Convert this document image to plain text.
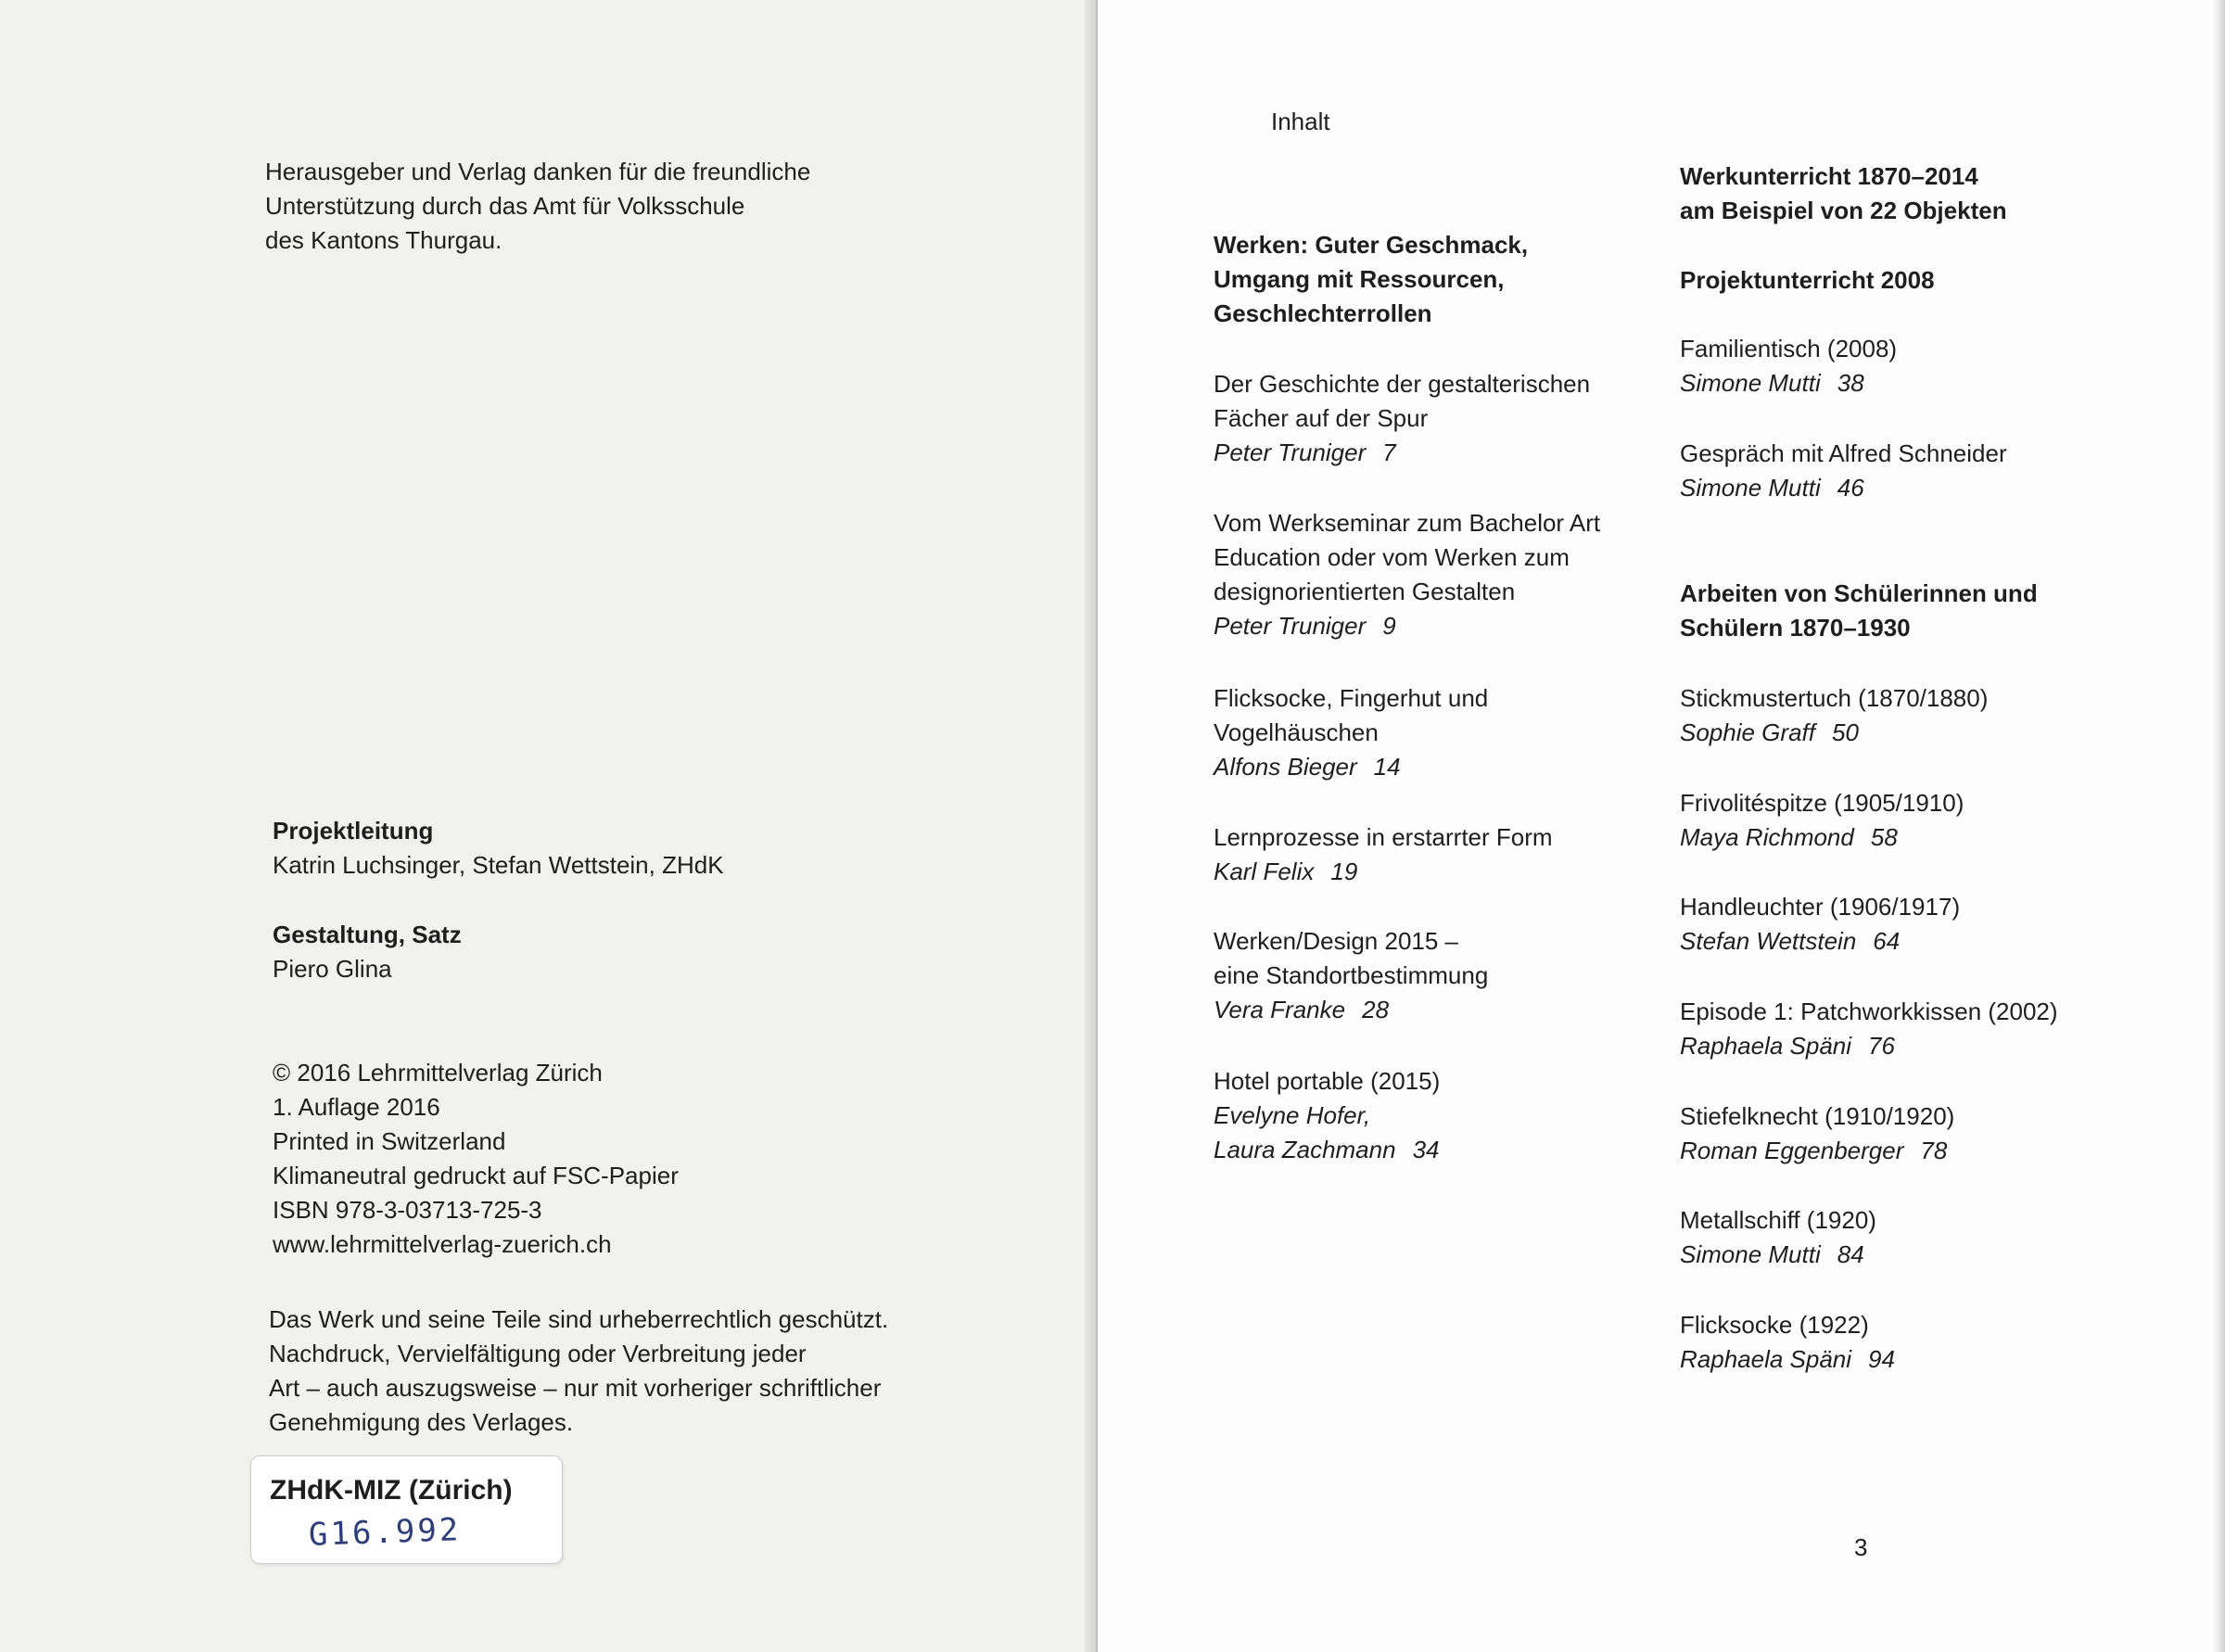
Herausgeber und Verlag danken für die freundliche
Unterstützung durch das Amt für Volksschule
des Kantons Thurgau.
Projektleitung
Katrin Luchsinger, Stefan Wettstein, ZHdK
Gestaltung, Satz
Piero Glina
© 2016 Lehrmittelverlag Zürich
1. Auflage 2016
Printed in Switzerland
Klimaneutral gedruckt auf FSC-Papier
ISBN 978-3-03713-725-3
www.lehrmittelverlag-zuerich.ch
Das Werk und seine Teile sind urheberrechtlich geschützt.
Nachdruck, Vervielfältigung oder Verbreitung jeder
Art – auch auszugsweise – nur mit vorheriger schriftlicher
Genehmigung des Verlages.
ZHdK-MIZ (Zürich)
G16.992
Inhalt
Werken: Guter Geschmack,
Umgang mit Ressourcen,
Geschlechterrollen
Der Geschichte der gestalterischen
Fächer auf der Spur
Peter Truniger 7
Vom Werkseminar zum Bachelor Art
Education oder vom Werken zum
designorientierten Gestalten
Peter Truniger 9
Flicksocke, Fingerhut und
Vogelhäuschen
Alfons Bieger 14
Lernprozesse in erstarrter Form
Karl Felix 19
Werken/Design 2015 –
eine Standortbestimmung
Vera Franke 28
Hotel portable (2015)
Evelyne Hofer,
Laura Zachmann 34
Werkunterricht 1870–2014
am Beispiel von 22 Objekten
Projektunterricht 2008
Familientisch (2008)
Simone Mutti 38
Gespräch mit Alfred Schneider
Simone Mutti 46
Arbeiten von Schülerinnen und
Schülern 1870–1930
Stickmustertuch (1870/1880)
Sophie Graff 50
Frivolitéspitze (1905/1910)
Maya Richmond 58
Handleuchter (1906/1917)
Stefan Wettstein 64
Episode 1: Patchworkkissen (2002)
Raphaela Späni 76
Stiefelknecht (1910/1920)
Roman Eggenberger 78
Metallschiff (1920)
Simone Mutti 84
Flicksocke (1922)
Raphaela Späni 94
3
